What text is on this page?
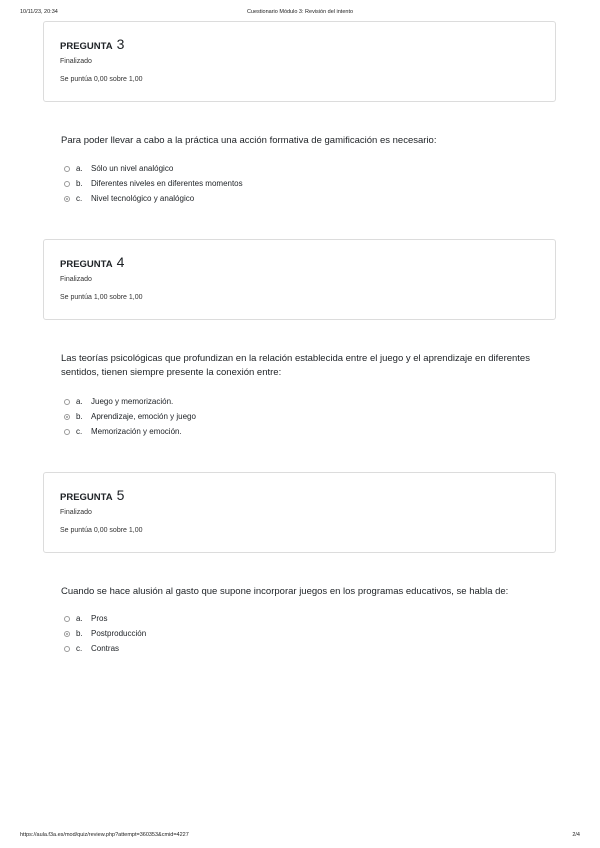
10/11/23, 20:34	Cuestionario Módulo 3: Revisión del intento
PREGUNTA 3
Finalizado
Se puntúa 0,00 sobre 1,00
Para poder llevar a cabo a la práctica una acción formativa de gamificación es necesario:
a.	Sólo un nivel analógico
b.	Diferentes niveles en diferentes momentos
c.	Nivel tecnológico y analógico
PREGUNTA 4
Finalizado
Se puntúa 1,00 sobre 1,00
Las teorías psicológicas que profundizan en la relación establecida entre el juego y el aprendizaje en diferentes sentidos, tienen siempre presente la conexión entre:
a.	Juego y memorización.
b.	Aprendizaje, emoción y juego
c.	Memorización y emoción.
PREGUNTA 5
Finalizado
Se puntúa 0,00 sobre 1,00
Cuando se hace alusión al gasto que supone incorporar juegos en los programas educativos, se habla de:
a.	Pros
b.	Postproducción
c.	Contras
https://aula.f3a.es/mod/quiz/review.php?attempt=360353&cmid=4227	2/4
